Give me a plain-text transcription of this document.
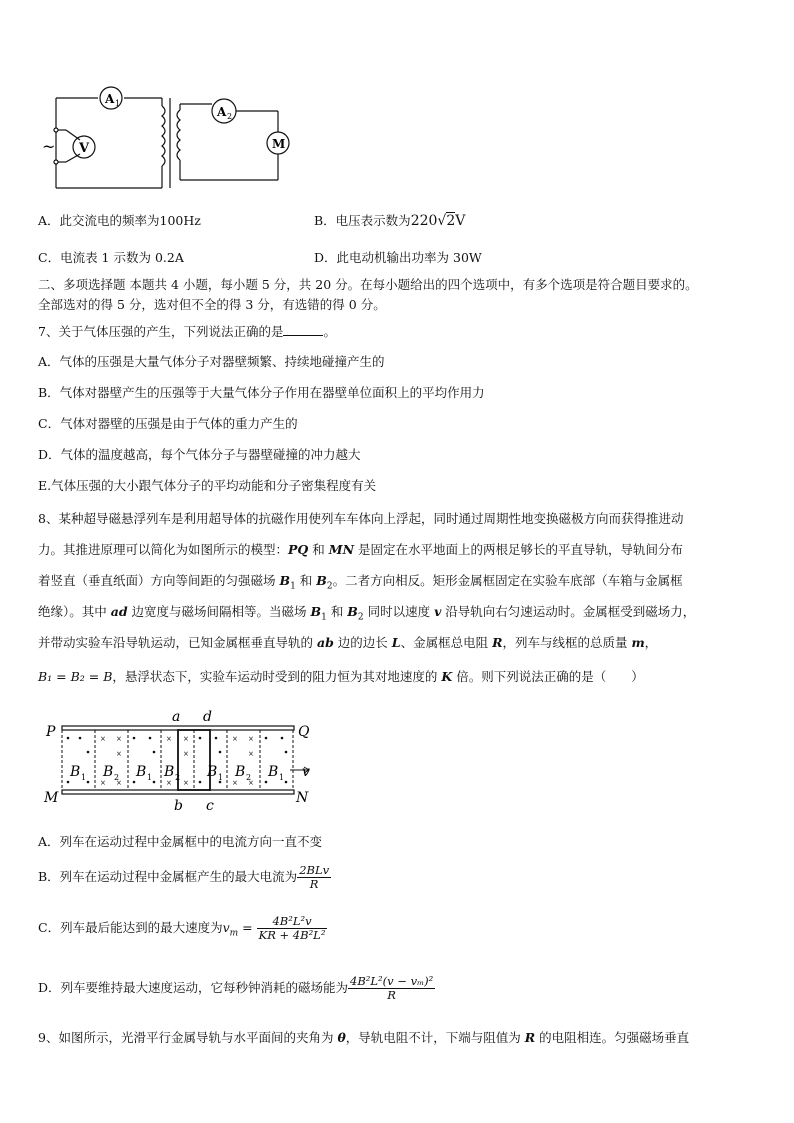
~ V
A 1
A 2
M
A．此交流电的频率为100Hz	B．电压表示数为220√2V
C．电流表 1 示数为 0.2A	D．此电动机输出功率为 30W
二、多项选择题 本题共 4 小题，每小题 5 分，共 20 分。在每小题给出的四个选项中，有多个选项是符合题目要求的。
全部选对的得 5 分，选对但不全的得 3 分，有选错的得 0 分。
7、关于气体压强的产生，下列说法正确的是	。
A．气体的压强是大量气体分子对器壁频繁、持续地碰撞产生的
B．气体对器壁产生的压强等于大量气体分子作用在器壁单位面积上的平均作用力
C．气体对器壁的压强是由于气体的重力产生的
D．气体的温度越高，每个气体分子与器壁碰撞的冲力越大
E.气体压强的大小跟气体分子的平均动能和分子密集程度有关
8、某种超导磁悬浮列车是利用超导体的抗磁作用使列车车体向上浮起，同时通过周期性地变换磁极方向而获得推进动
力。其推进原理可以简化为如图所示的模型：PQ 和 MN 是固定在水平地面上的两根足够长的平直导轨，导轨间分布
着竖直（垂直纸面）方向等间距的匀强磁场 $B_1$ 和 $B_2$。二者方向相反。矩形金属框固定在实验车底部（车箱与金属框
绝缘）。其中 ad 边宽度与磁场间隔相等。当磁场 $B_1$ 和 $B_2$ 同时以速度 v 沿导轨向右匀速运动时。金属框受到磁场力，
并带动实验车沿导轨运动，已知金属框垂直导轨的 ab 边的边长 L、金属框总电阻 R，列车与线框的总质量 m，
B₁ = B₂ = B，悬浮状态下，实验车运动时受到的阻力恒为其对地速度的 K 倍。则下列说法正确的是（　　）
× ×
×
×
×
× ×
×
×
×
× ×
×
×
×
B 1 B 2 B 1 B 2 B 1 B 2 B 1
P	Q
M	N
a d
b c
v
A．列车在运动过程中金属框中的电流方向一直不变
B．列车在运动过程中金属框产生的最大电流为 $\frac{\text{2BLv}}{R}$
C．列车最后能达到的最大速度为$v_m = \frac{\text{4B²L²v}}{\text{KR + 4B²L²}}$
D．列车要维持最大速度运动，它每秒钟消耗的磁场能为 $\frac{\text{4B²L²(v − vₘ)²}}{R}$
9、如图所示，光滑平行金属导轨与水平面间的夹角为 θ，导轨电阻不计，下端与阻值为 R 的电阻相连。匀强磁场垂直
